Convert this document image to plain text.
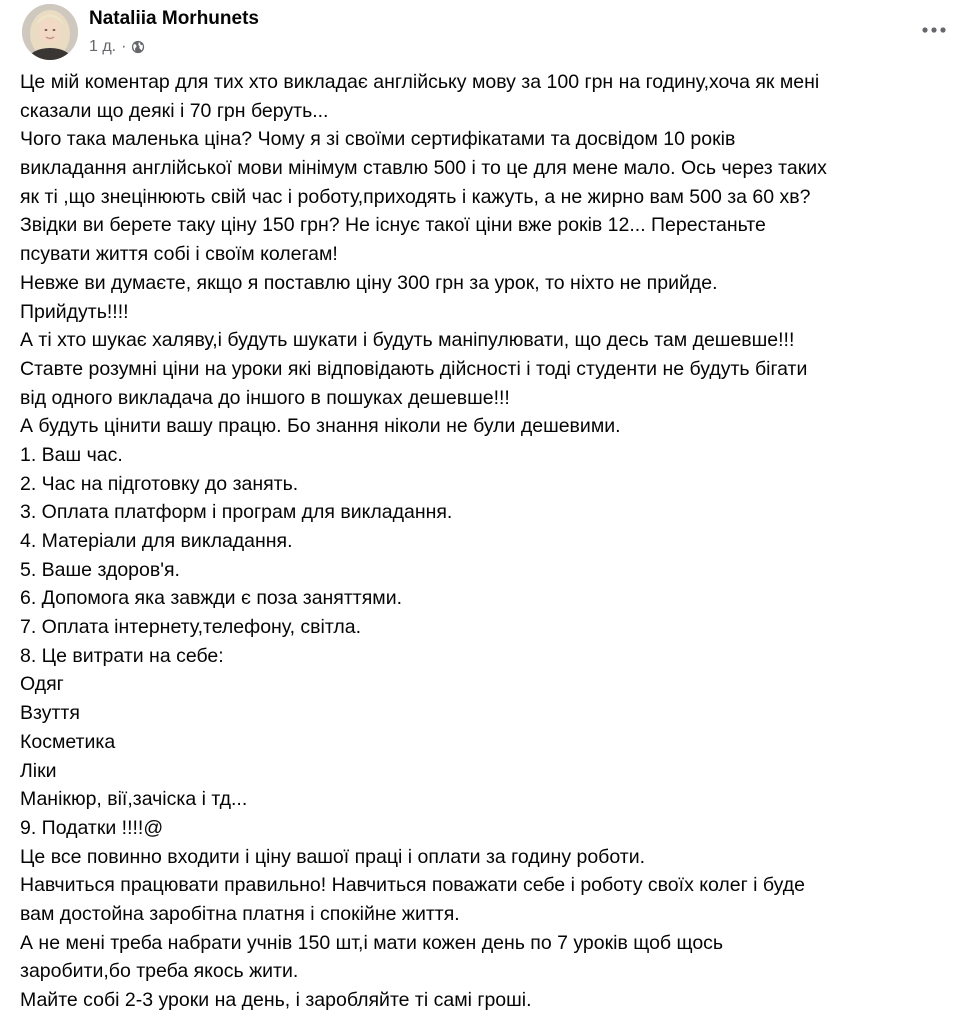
Nataliia Morhunets
1 д. ·
Це мій коментар для тих хто викладає англійську мову за 100 грн на годину,хоча як мені
сказали що деякі і 70 грн беруть...
Чого така маленька ціна? Чому я зі своїми сертифікатами та досвідом 10 років
викладання англійської мови мінімум ставлю 500 і то це для мене мало. Ось через таких
як ті ,що знецінюють свій час і роботу,приходять і кажуть, а не жирно вам 500 за 60 хв?
Звідки ви берете таку ціну 150 грн? Не існує такої ціни вже років 12... Перестаньте
псувати життя собі і своїм колегам!
Невже ви думаєте, якщо я поставлю ціну 300 грн за урок, то ніхто не прийде.
Прийдуть!!!!
А ті хто шукає халяву,і будуть шукати і будуть маніпулювати, що десь там дешевше!!!
Ставте розумні ціни на уроки які відповідають дійсності і тоді студенти не будуть бігати
від одного викладача до іншого в пошуках дешевше!!!
А будуть цінити вашу працю. Бо знання ніколи не були дешевими.
1. Ваш час.
2. Час на підготовку до занять.
3. Оплата платформ і програм для викладання.
4. Матеріали для викладання.
5. Ваше здоров'я.
6. Допомога яка завжди є поза заняттями.
7. Оплата інтернету,телефону, світла.
8. Це витрати на себе:
Одяг
Взуття
Косметика
Ліки
Манікюр, вії,зачіска і тд...
9. Податки !!!!@
Це все повинно входити і ціну вашої праці і оплати за годину роботи.
Навчиться працювати правильно! Навчиться поважати себе і роботу своїх колег і буде
вам достойна заробітна платня і спокійне життя.
А не мені треба набрати учнів 150 шт,і мати кожен день по 7 уроків щоб щось
заробити,бо треба якось жити.
Майте собі 2-3 уроки на день, і заробляйте ті самі гроші.
